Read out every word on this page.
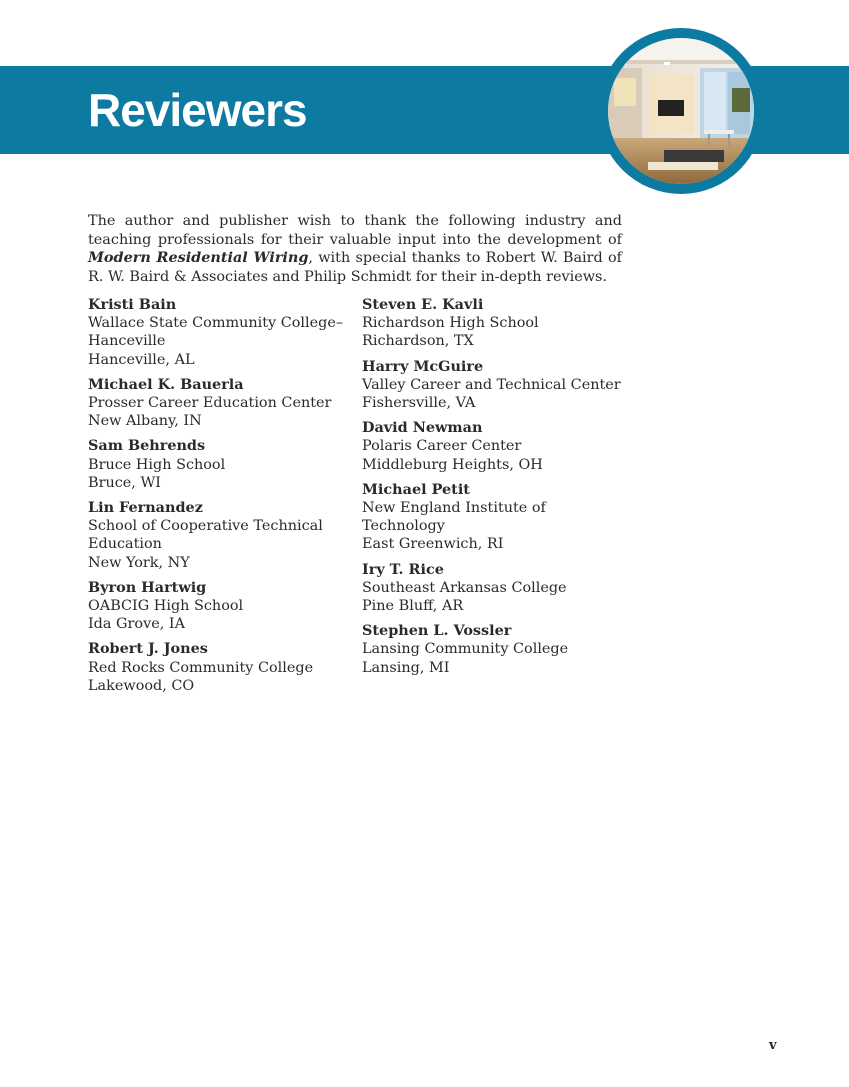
Reviewers

The author and publisher wish to thank the following industry and teaching professionals for their valuable input into the development of Modern Residential Wiring, with special thanks to Robert W. Baird of R. W. Baird & Associates and Philip Schmidt for their in-depth reviews.

Kristi Bain
Wallace State Community College–
Hanceville
Hanceville, AL
Michael K. Bauerla
Prosser Career Education Center
New Albany, IN
Sam Behrends
Bruce High School
Bruce, WI
Lin Fernandez
School of Cooperative Technical
Education
New York, NY
Byron Hartwig
OABCIG High School
Ida Grove, IA
Robert J. Jones
Red Rocks Community College
Lakewood, CO
Steven E. Kavli
Richardson High School
Richardson, TX
Harry McGuire
Valley Career and Technical Center
Fishersville, VA
David Newman
Polaris Career Center
Middleburg Heights, OH
Michael Petit
New England Institute of Technology
East Greenwich, RI
Iry T. Rice
Southeast Arkansas College
Pine Bluff, AR
Stephen L. Vossler
Lansing Community College
Lansing, MI
v
